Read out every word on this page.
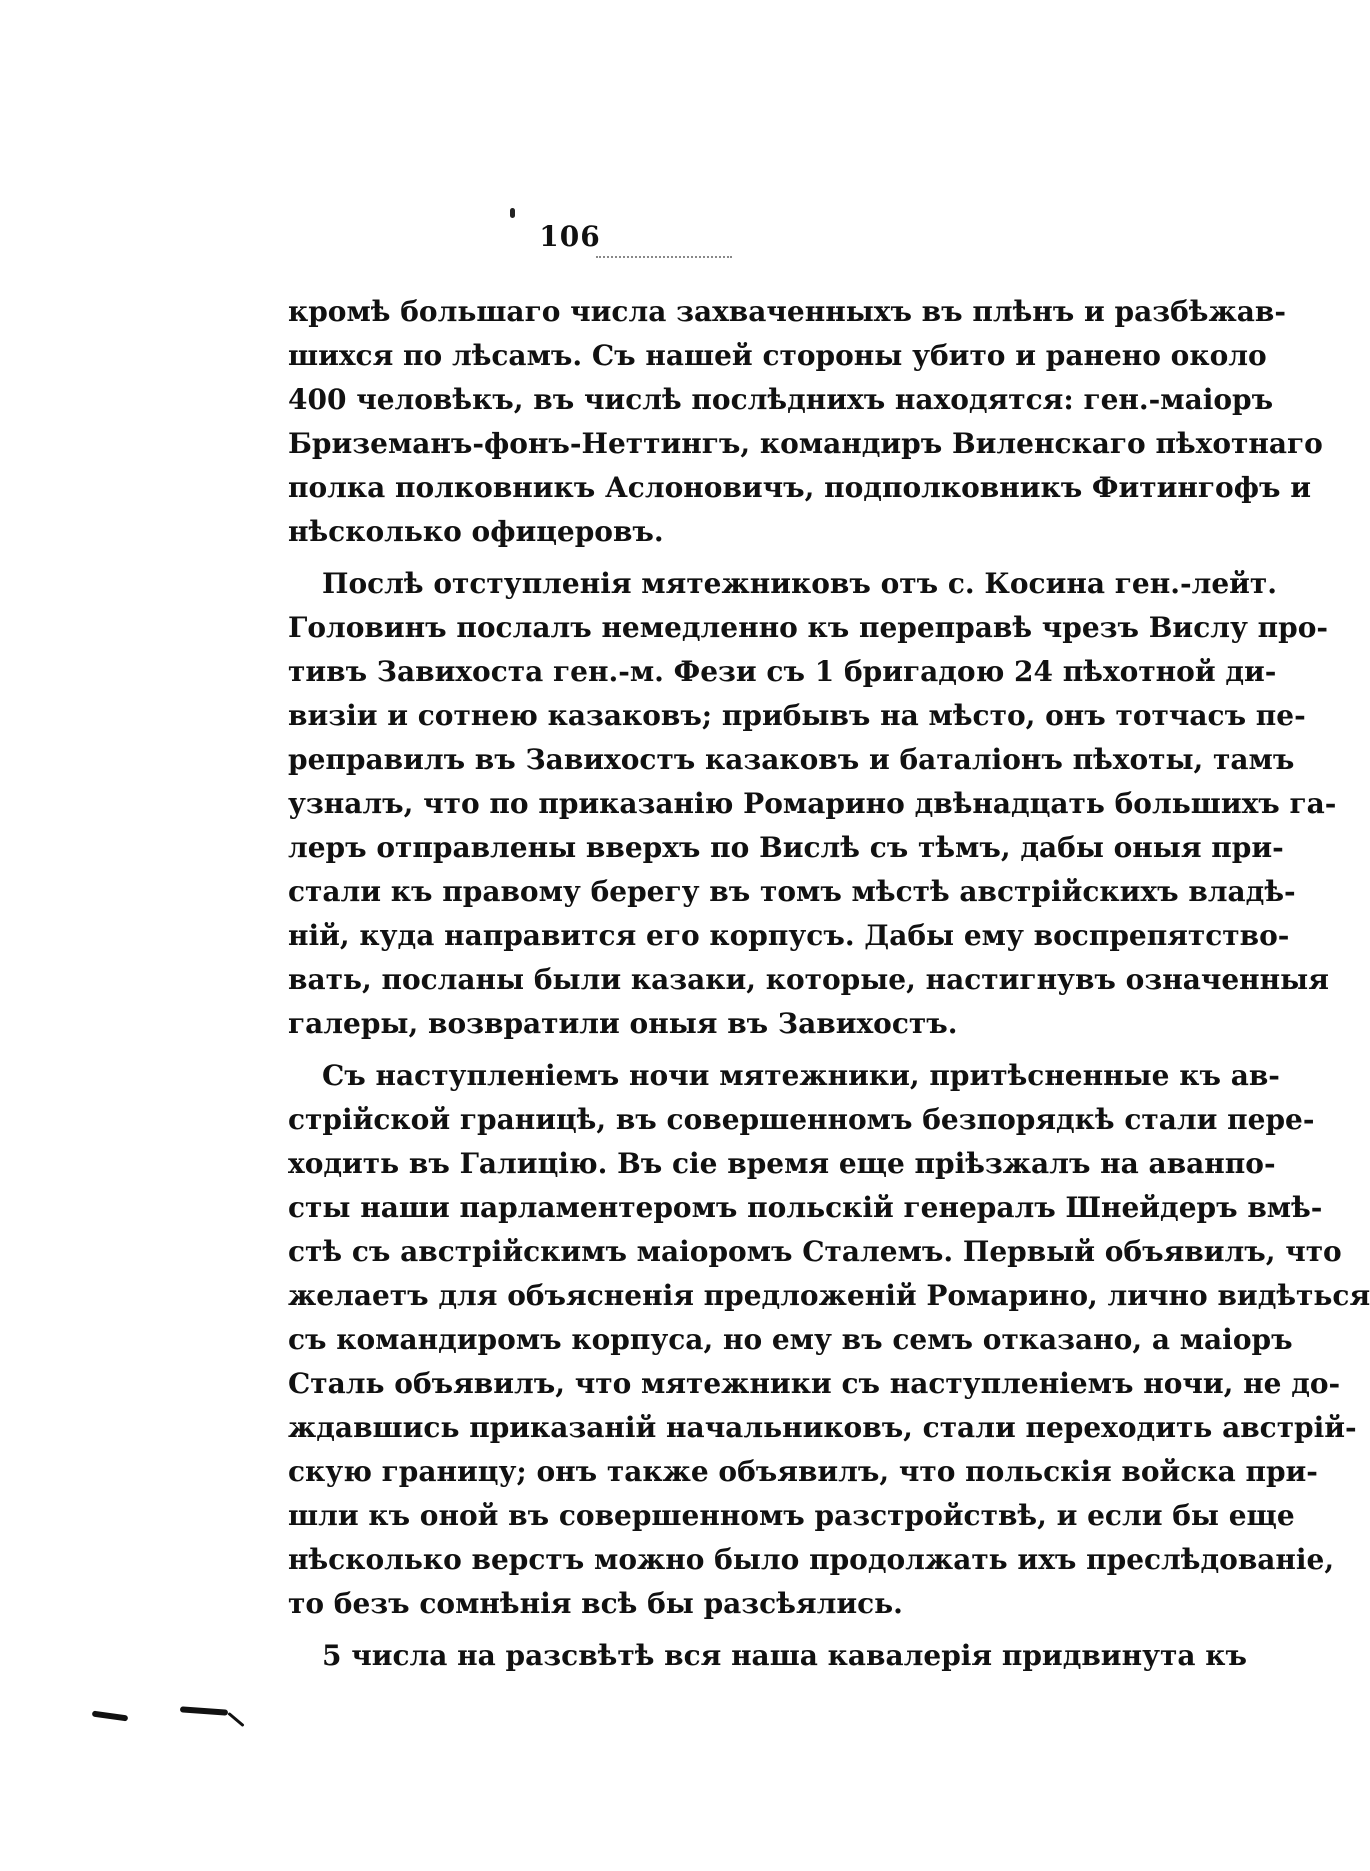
106
кромѣ большаго числа захваченныхъ въ плѣнъ и разбѣжав-
шихся по лѣсамъ. Съ нашей стороны убито и ранено около
400 человѣкъ, въ числѣ послѣднихъ находятся: ген.-маіоръ
Бриземанъ-фонъ-Неттингъ, командиръ Виленскаго пѣхотнаго
полка полковникъ Аслоновичъ, подполковникъ Фитингофъ и
нѣсколько офицеровъ.
Послѣ отступленія мятежниковъ отъ с. Косина ген.-лейт.
Головинъ послалъ немедленно къ переправѣ чрезъ Вислу про-
тивъ Завихоста ген.-м. Фези съ 1 бригадою 24 пѣхотной ди-
визіи и сотнею казаковъ; прибывъ на мѣсто, онъ тотчасъ пе-
реправилъ въ Завихостъ казаковъ и баталіонъ пѣхоты, тамъ
узналъ, что по приказанію Ромарино двѣнадцать большихъ га-
леръ отправлены вверхъ по Вислѣ съ тѣмъ, дабы оныя при-
стали къ правому берегу въ томъ мѣстѣ австрійскихъ владѣ-
ній, куда направится его корпусъ. Дабы ему воспрепятство-
вать, посланы были казаки, которые, настигнувъ означенныя
галеры, возвратили оныя въ Завихостъ.
Съ наступленіемъ ночи мятежники, притѣсненные къ ав-
стрійской границѣ, въ совершенномъ безпорядкѣ стали пере-
ходить въ Галицію. Въ сіе время еще пріѣзжалъ на аванпо-
сты наши парламентеромъ польскій генералъ Шнейдеръ вмѣ-
стѣ съ австрійскимъ маіоромъ Сталемъ. Первый объявилъ, что
желаетъ для объясненія предложеній Ромарино, лично видѣться
съ командиромъ корпуса, но ему въ семъ отказано, а маіоръ
Сталь объявилъ, что мятежники съ наступленіемъ ночи, не до-
ждавшись приказаній начальниковъ, стали переходить австрій-
скую границу; онъ также объявилъ, что польскія войска при-
шли къ оной въ совершенномъ разстройствѣ, и если бы еще
нѣсколько верстъ можно было продолжать ихъ преслѣдованіе,
то безъ сомнѣнія всѣ бы разсѣялись.
5 числа на разсвѣтѣ вся наша кавалерія придвинута къ
